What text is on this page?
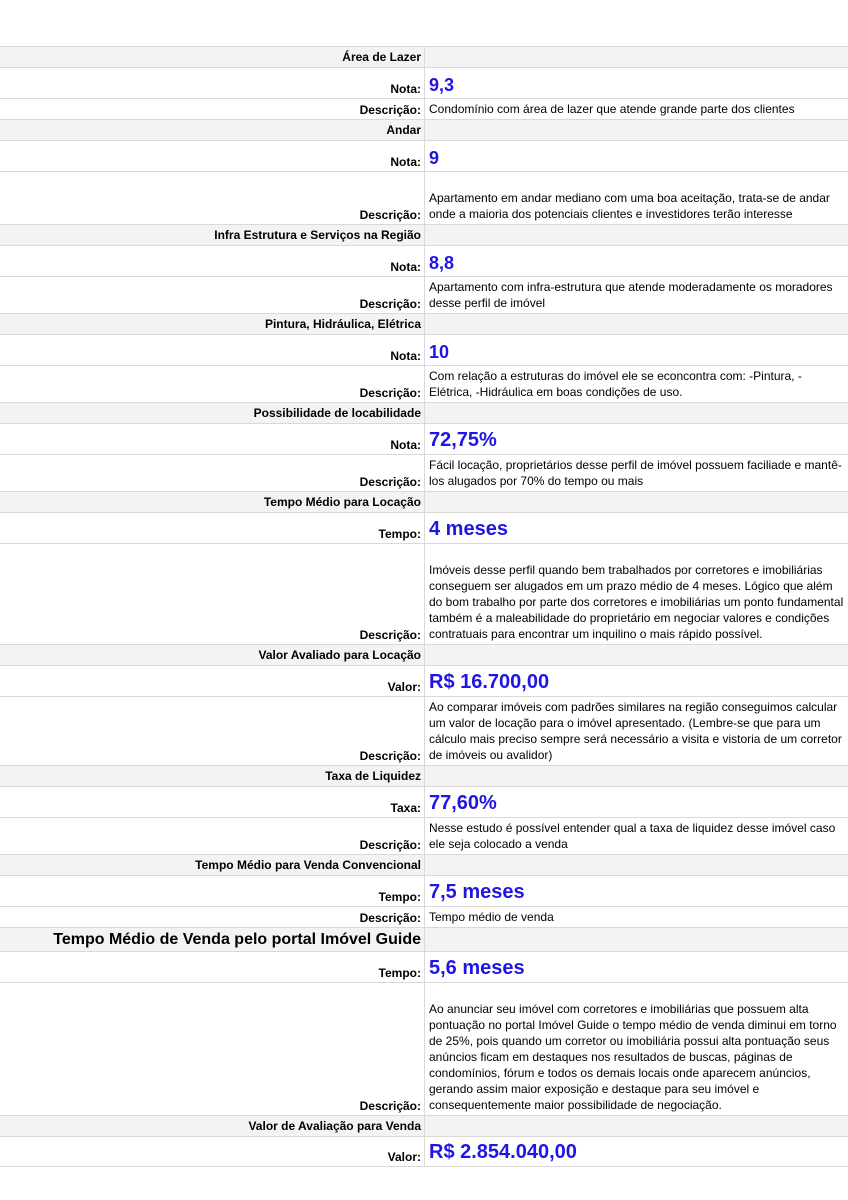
Área de Lazer
Nota: 9,3
Descrição: Condomínio com área de lazer que atende grande parte dos clientes
Andar
Nota: 9
Descrição:
Apartamento em andar mediano com uma boa aceitação, trata-se de andar onde a maioria dos potenciais clientes e investidores terão interesse
Infra Estrutura e Serviços na Região
Nota: 8,8
Descrição:
Apartamento com infra-estrutura que atende moderadamente os moradores desse perfil de imóvel
Pintura, Hidráulica, Elétrica
Nota: 10
Descrição:
Com relação a estruturas do imóvel ele se econcontra com: -Pintura, -Elétrica, -Hidráulica em boas condições de uso.
Possibilidade de locabilidade
Nota: 72,75%
Descrição:
Fácil locação, proprietários desse perfil de imóvel possuem faciliade e mantê-los alugados por 70% do tempo ou mais
Tempo Médio para Locação
Tempo: 4 meses
Descrição:
Imóveis desse perfil quando bem trabalhados por corretores e imobiliárias conseguem ser alugados em um prazo médio de 4 meses. Lógico que além do bom trabalho por parte dos corretores e imobiliárias um ponto fundamental também é a maleabilidade do proprietário em negociar valores e condições contratuais para encontrar um inquilino o mais rápido possível.
Valor Avaliado para Locação
Valor: R$ 16.700,00
Descrição:
Ao comparar imóveis com padrões similares na região conseguimos calcular um valor de locação para o imóvel apresentado. (Lembre-se que para um cálculo mais preciso sempre será necessário a visita e vistoria de um corretor de imóveis ou avalidor)
Taxa de Liquidez
Taxa: 77,60%
Descrição:
Nesse estudo é possível entender qual a taxa de liquidez desse imóvel caso ele seja colocado a venda
Tempo Médio para Venda Convencional
Tempo: 7,5 meses
Descrição: Tempo médio de venda
Tempo Médio de Venda pelo portal Imóvel Guide
Tempo: 5,6 meses
Descrição:
Ao anunciar seu imóvel com corretores e imobiliárias que possuem alta pontuação no portal Imóvel Guide o tempo médio de venda diminui em torno de 25%, pois quando um corretor ou imobiliária possui alta pontuação seus anúncios ficam em destaques nos resultados de buscas, páginas de condomínios, fórum e todos os demais locais onde aparecem anúncios, gerando assim maior exposição e destaque para seu imóvel e consequentemente maior possibilidade de negociação.
Valor de Avaliação para Venda
Valor: R$ 2.854.040,00
